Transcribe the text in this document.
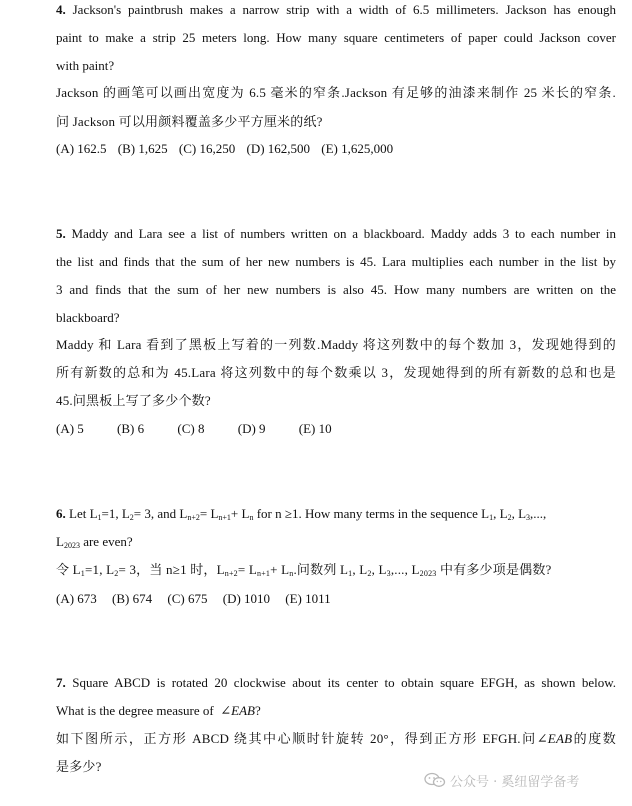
4. Jackson's paintbrush makes a narrow strip with a width of 6.5 millimeters. Jackson has enough
paint to make a strip 25 meters long. How many square centimeters of paper could Jackson cover
with paint?
Jackson 的画笔可以画出宽度为 6.5 毫米的窄条.Jackson 有足够的油漆来制作 25 米长的窄条.
问 Jackson 可以用颜料覆盖多少平方厘米的纸?
(A) 162.5 (B) 1,625 (C) 16,250 (D) 162,500 (E) 1,625,000
5. Maddy and Lara see a list of numbers written on a blackboard. Maddy adds 3 to each number in
the list and finds that the sum of her new numbers is 45. Lara multiplies each number in the list by
3 and finds that the sum of her new numbers is also 45. How many numbers are written on the
blackboard?
Maddy 和 Lara 看到了黑板上写着的一列数.Maddy 将这列数中的每个数加 3，发现她得到的
所有新数的总和为 45.Lara 将这列数中的每个数乘以 3，发现她得到的所有新数的总和也是
45.问黑板上写了多少个数?
(A) 5	(B) 6	(C) 8	(D) 9	(E) 10
6. Let $L_1=1$, $L_2= 3$, and $L_{n+2}= L_{n+1}+ L_n$ for n ≥1. How many terms in the sequence $L_1$, $L_2$, $L_3$,...,
$L_{2023}$ are even?
令 $L_1=1$, $L_2= 3$，当 n≥1 时，$L_{n+2}= L_{n+1}+ L_n$.问数列 $L_1$, $L_2$, $L_3$,..., $L_{2023}$ 中有多少项是偶数?
(A) 673 (B) 674 (C) 675 (D) 1010 (E) 1011
7. Square ABCD is rotated 20 clockwise about its center to obtain square EFGH, as shown below.
What is the degree measure of ∠EAB?
如下图所示，正方形 ABCD 绕其中心顺时针旋转 20°，得到正方形 EFGH.问∠EAB的度数
是多少?
公众号 · 奚纽留学备考
